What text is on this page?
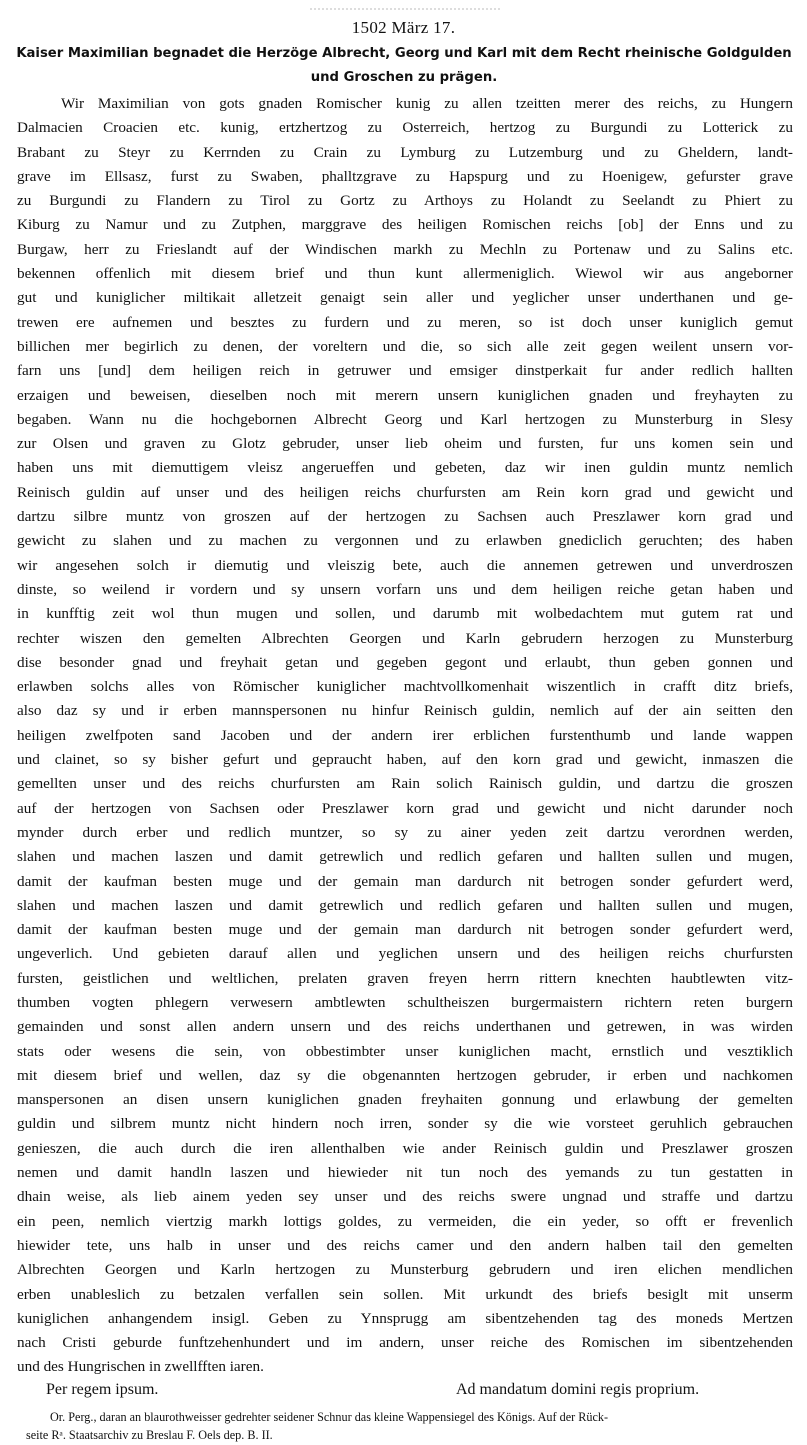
1502 März 17.
Kaiser Maximilian begnadet die Herzöge Albrecht, Georg und Karl mit dem Recht rheinische Goldgulden
und Groschen zu prägen.
Wir Maximilian von gots gnaden Romischer kunig zu allen tzeitten merer des reichs, zu Hungern
Dalmacien Croacien etc. kunig, ertzhertzog zu Osterreich, hertzog zu Burgundi zu Lotterick zu
Brabant zu Steyr zu Kerrnden zu Crain zu Lymburg zu Lutzemburg und zu Gheldern, landt-
grave im Ellsasz, furst zu Swaben, phalltzgrave zu Hapspurg und zu Hoenigew, gefurster grave
zu Burgundi zu Flandern zu Tirol zu Gortz zu Arthoys zu Holandt zu Seelandt zu Phiert zu
Kiburg zu Namur und zu Zutphen, marggrave des heiligen Romischen reichs [ob] der Enns und zu
Burgaw, herr zu Frieslandt auf der Windischen markh zu Mechln zu Portenaw und zu Salins etc.
bekennen offenlich mit diesem brief und thun kunt allermeniglich. Wiewol wir aus angeborner
gut und kuniglicher miltikait alletzeit genaigt sein aller und yeglicher unser underthanen und ge-
trewen ere aufnemen und besztes zu furdern und zu meren, so ist doch unser kuniglich gemut
billichen mer begirlich zu denen, der voreltern und die, so sich alle zeit gegen weilent unsern vor-
farn uns [und] dem heiligen reich in getruwer und emsiger dinstperkait fur ander redlich hallten
erzaigen und beweisen, dieselben noch mit merern unsern kuniglichen gnaden und freyhayten zu
begaben. Wann nu die hochgebornen Albrecht Georg und Karl hertzogen zu Munsterburg in Slesy
zur Olsen und graven zu Glotz gebruder, unser lieb oheim und fursten, fur uns komen sein und
haben uns mit diemuttigem vleisz angerueffen und gebeten, daz wir inen guldin muntz nemlich
Reinisch guldin auf unser und des heiligen reichs churfursten am Rein korn grad und gewicht und
dartzu silbre muntz von groszen auf der hertzogen zu Sachsen auch Preszlawer korn grad und
gewicht zu slahen und zu machen zu vergonnen und zu erlawben gnediclich geruchten; des haben
wir angesehen solch ir diemutig und vleiszig bete, auch die annemen getrewen und unverdroszen
dinste, so weilend ir vordern und sy unsern vorfarn uns und dem heiligen reiche getan haben und
in kunfftig zeit wol thun mugen und sollen, und darumb mit wolbedachtem mut gutem rat und
rechter wiszen den gemelten Albrechten Georgen und Karln gebrudern herzogen zu Munsterburg
dise besonder gnad und freyhait getan und gegeben gegont und erlaubt, thun geben gonnen und
erlawben solchs alles von Römischer kuniglicher machtvollkomenhait wiszentlich in crafft ditz briefs,
also daz sy und ir erben mannspersonen nu hinfur Reinisch guldin, nemlich auf der ain seitten den
heiligen zwelfpoten sand Jacoben und der andern irer erblichen furstenthumb und lande wappen
und clainet, so sy bisher gefurt und gepraucht haben, auf den korn grad und gewicht, inmaszen die
gemellten unser und des reichs churfursten am Rain solich Rainisch guldin, und dartzu die groszen
auf der hertzogen von Sachsen oder Preszlawer korn grad und gewicht und nicht darunder noch
mynder durch erber und redlich muntzer, so sy zu ainer yeden zeit dartzu verordnen werden,
slahen und machen laszen und damit getrewlich und redlich gefaren und hallten sullen und mugen,
damit der kaufman besten muge und der gemain man dardurch nit betrogen sonder gefurdert werd,
slahen und machen laszen und damit getrewlich und redlich gefaren und hallten sullen und mugen,
damit der kaufman besten muge und der gemain man dardurch nit betrogen sonder gefurdert werd,
ungeverlich. Und gebieten darauf allen und yeglichen unsern und des heiligen reichs churfursten
fursten, geistlichen und weltlichen, prelaten graven freyen herrn rittern knechten haubtlewten vitz-
thumben vogten phlegern verwesern ambtlewten schultheiszen burgermaistern richtern reten burgern
gemainden und sonst allen andern unsern und des reichs underthanen und getrewen, in was wirden
stats oder wesens die sein, von obbestimbter unser kuniglichen macht, ernstlich und vesztiklich
mit diesem brief und wellen, daz sy die obgenannten hertzogen gebruder, ir erben und nachkomen
manspersonen an disen unsern kuniglichen gnaden freyhaiten gonnung und erlawbung der gemelten
guldin und silbrem muntz nicht hindern noch irren, sonder sy die wie vorsteet geruhlich gebrauchen
genieszen, die auch durch die iren allenthalben wie ander Reinisch guldin und Preszlawer groszen
nemen und damit handln laszen und hiewieder nit tun noch des yemands zu tun gestatten in
dhain weise, als lieb ainem yeden sey unser und des reichs swere ungnad und straffe und dartzu
ein peen, nemlich viertzig markh lottigs goldes, zu vermeiden, die ein yeder, so offt er frevenlich
hiewider tete, uns halb in unser und des reichs camer und den andern halben tail den gemelten
Albrechten Georgen und Karln hertzogen zu Munsterburg gebrudern und iren elichen mendlichen
erben unableslich zu betzalen verfallen sein sollen. Mit urkundt des briefs besiglt mit unserm
kuniglichen anhangendem insigl. Geben zu Ynnsprugg am sibentzehenden tag des moneds Mertzen
nach Cristi geburde funftzehenhundert und im andern, unser reiche des Romischen im sibentzehenden
und des Hungrischen in zwellfften iaren.
Per regem ipsum.	Ad mandatum domini regis proprium.
Or. Perg., daran an blaurothweisser gedrehter seidener Schnur das kleine Wappensiegel des Königs. Auf der Rück-
seite Rᵃ. Staatsarchiv zu Breslau F. Oels dep. B. II.
